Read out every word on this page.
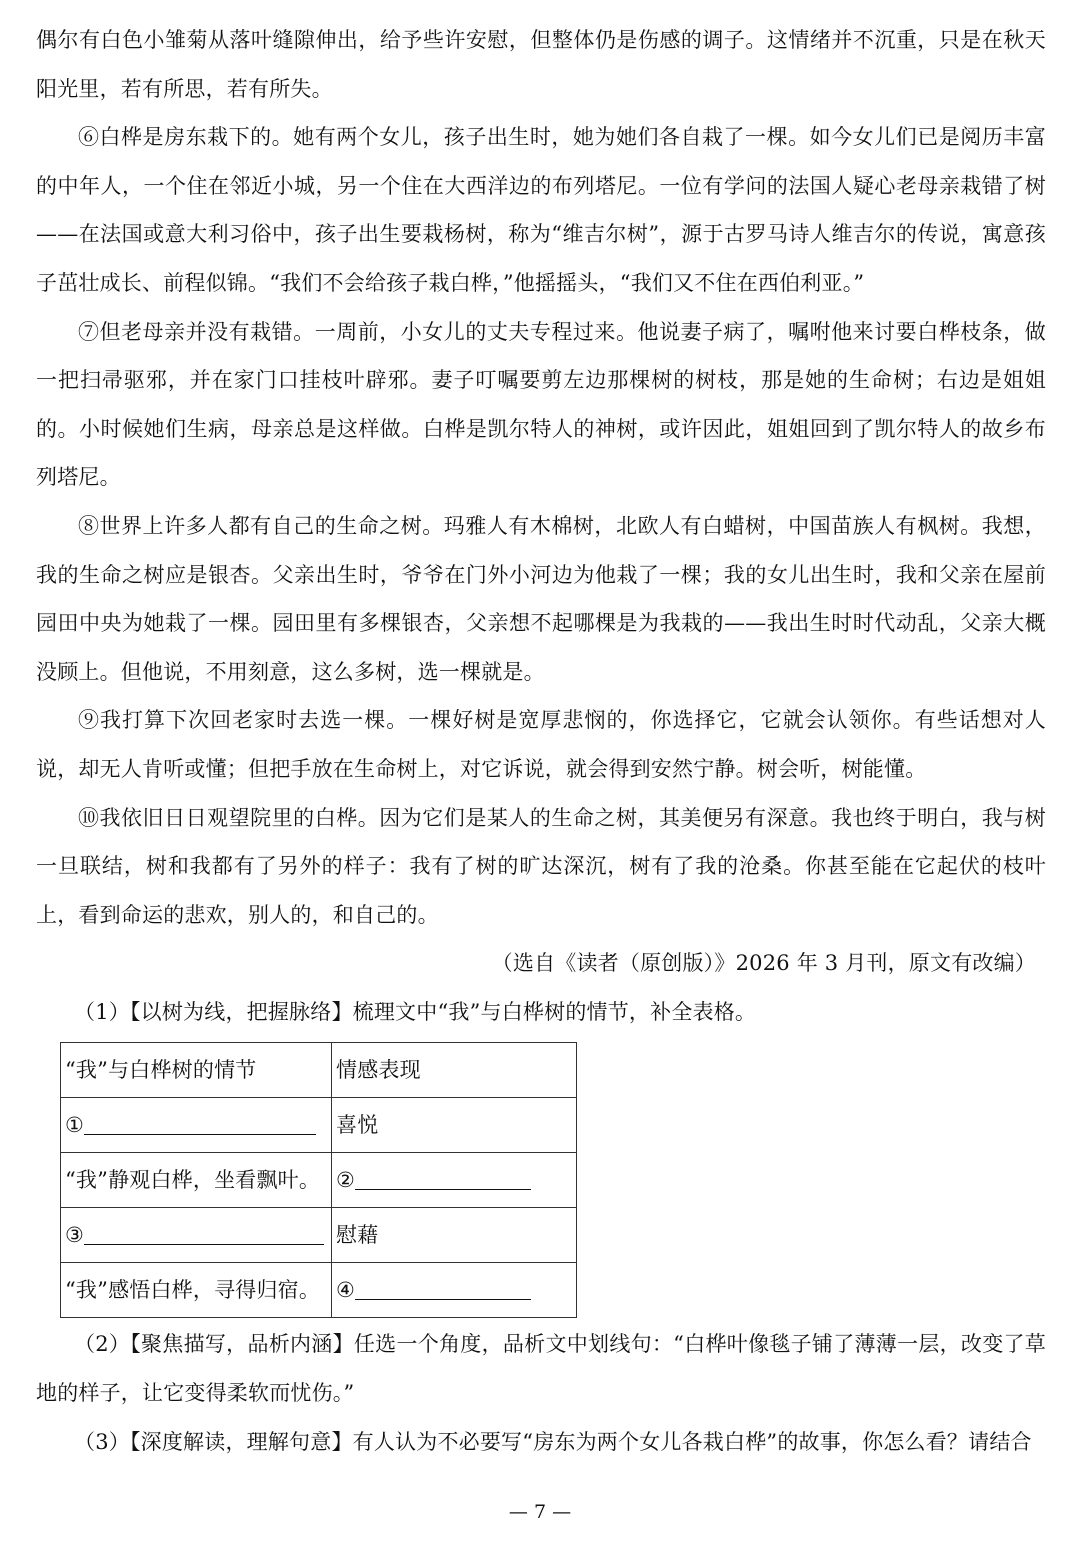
偶尔有白色小雏菊从落叶缝隙伸出，给予些许安慰，但整体仍是伤感的调子。这情绪并不沉重，只是在秋天阳光里，若有所思，若有所失。

⑥白桦是房东栽下的。她有两个女儿，孩子出生时，她为她们各自栽了一棵。如今女儿们已是阅历丰富的中年人，一个住在邻近小城，另一个住在大西洋边的布列塔尼。一位有学问的法国人疑心老母亲栽错了树——在法国或意大利习俗中，孩子出生要栽杨树，称为“维吉尔树”，源于古罗马诗人维吉尔的传说，寓意孩子茁壮成长、前程似锦。“我们不会给孩子栽白桦，”他摇摇头，“我们又不住在西伯利亚。”

⑦但老母亲并没有栽错。一周前，小女儿的丈夫专程过来。他说妻子病了，嘱咐他来讨要白桦枝条，做一把扫帚驱邪，并在家门口挂枝叶辟邪。妻子叮嘱要剪左边那棵树的树枝，那是她的生命树；右边是姐姐的。小时候她们生病，母亲总是这样做。白桦是凯尔特人的神树，或许因此，姐姐回到了凯尔特人的故乡布列塔尼。

⑧世界上许多人都有自己的生命之树。玛雅人有木棉树，北欧人有白蜡树，中国苗族人有枫树。我想，我的生命之树应是银杏。父亲出生时，爷爷在门外小河边为他栽了一棵；我的女儿出生时，我和父亲在屋前园田中央为她栽了一棵。园田里有多棵银杏，父亲想不起哪棵是为我栽的——我出生时时代动乱，父亲大概没顾上。但他说，不用刻意，这么多树，选一棵就是。

⑨我打算下次回老家时去选一棵。一棵好树是宽厚悲悯的，你选择它，它就会认领你。有些话想对人说，却无人肯听或懂；但把手放在生命树上，对它诉说，就会得到安然宁静。树会听，树能懂。

⑩我依旧日日观望院里的白桦。因为它们是某人的生命之树，其美便另有深意。我也终于明白，我与树一旦联结，树和我都有了另外的样子：我有了树的旷达深沉，树有了我的沧桑。你甚至能在它起伏的枝叶上，看到命运的悲欢，别人的，和自己的。

（选自《读者（原创版）》2026 年 3 月刊，原文有改编）

（1）【以树为线，把握脉络】梳理文中“我”与白桦树的情节，补全表格。

“我”与白桦树的情节	情感表现
①	喜悦
“我”静观白桦，坐看飘叶。	②
③	慰藉
“我”感悟白桦，寻得归宿。	④

（2）【聚焦描写，品析内涵】任选一个角度，品析文中划线句：“白桦叶像毯子铺了薄薄一层，改变了草地的样子，让它变得柔软而忧伤。”

（3）【深度解读，理解句意】有人认为不必要写“房东为两个女儿各栽白桦”的故事，你怎么看？请结合

— 7 —
